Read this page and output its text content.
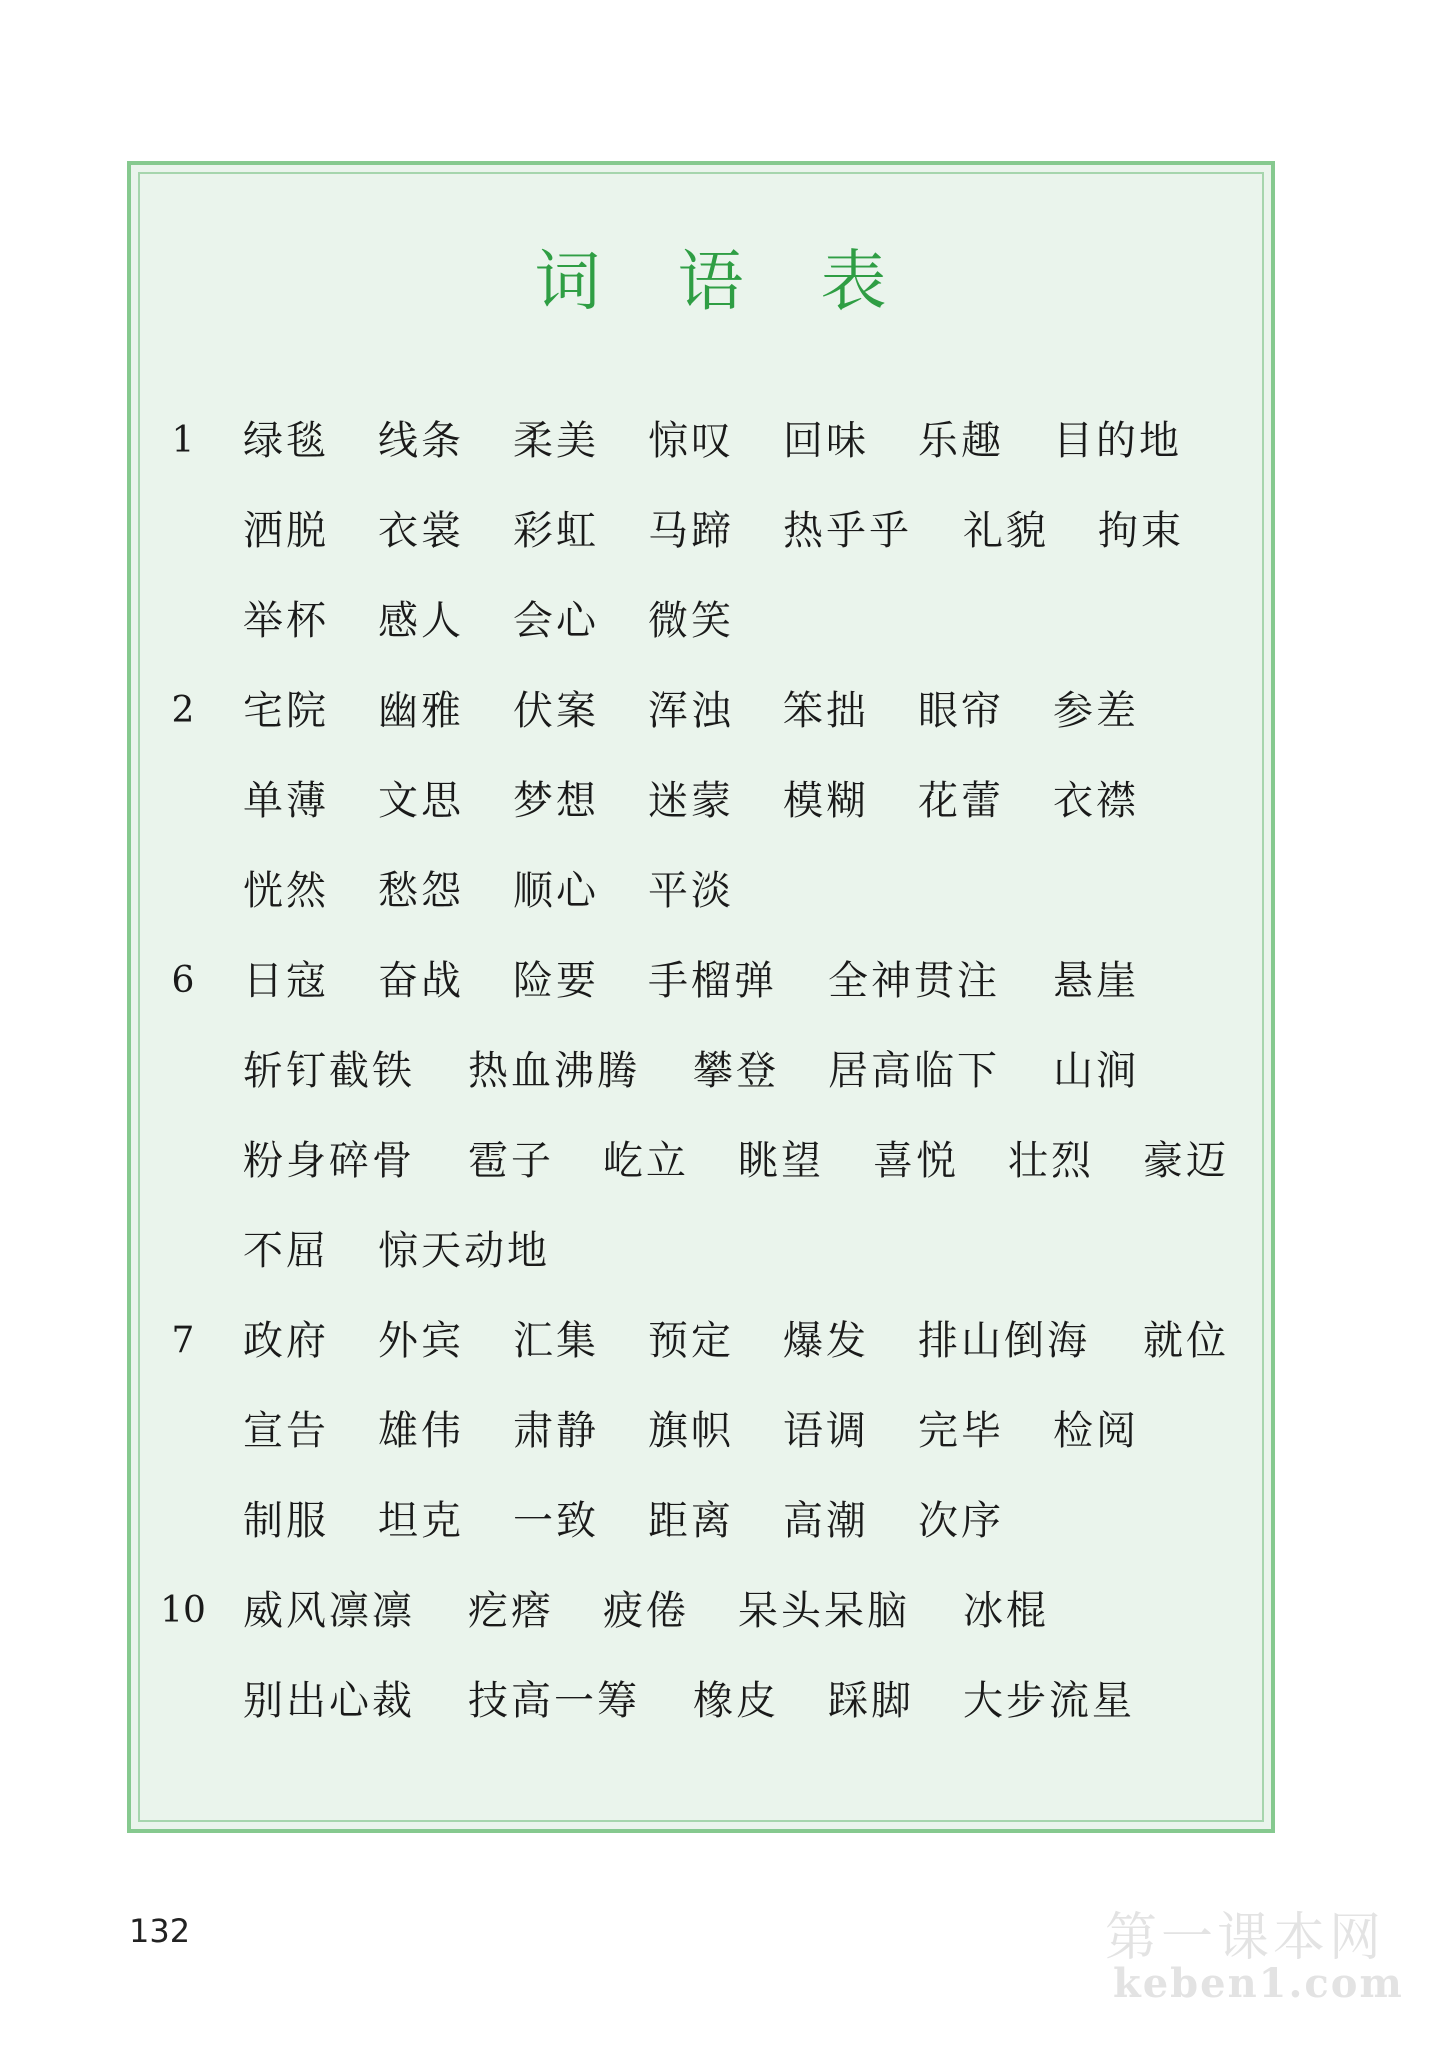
词 语 表
1	绿毯 线条 柔美 惊叹 回味 乐趣 目的地
洒脱 衣裳 彩虹 马蹄 热乎乎 礼貌 拘束
举杯 感人 会心 微笑
2	宅院 幽雅 伏案 浑浊 笨拙 眼帘 参差
单薄 文思 梦想 迷蒙 模糊 花蕾 衣襟
恍然 愁怨 顺心 平淡
6	日寇 奋战 险要 手榴弹 全神贯注 悬崖
斩钉截铁 热血沸腾 攀登 居高临下 山涧
粉身碎骨 雹子 屹立 眺望 喜悦 壮烈 豪迈
不屈 惊天动地
7	政府 外宾 汇集 预定 爆发 排山倒海 就位
宣告 雄伟 肃静 旗帜 语调 完毕 检阅
制服 坦克 一致 距离 高潮 次序
10 威风凛凛 疙瘩 疲倦 呆头呆脑 冰棍
别出心裁 技高一筹 橡皮 踩脚 大步流星
132	第一课本网
keben1.com
